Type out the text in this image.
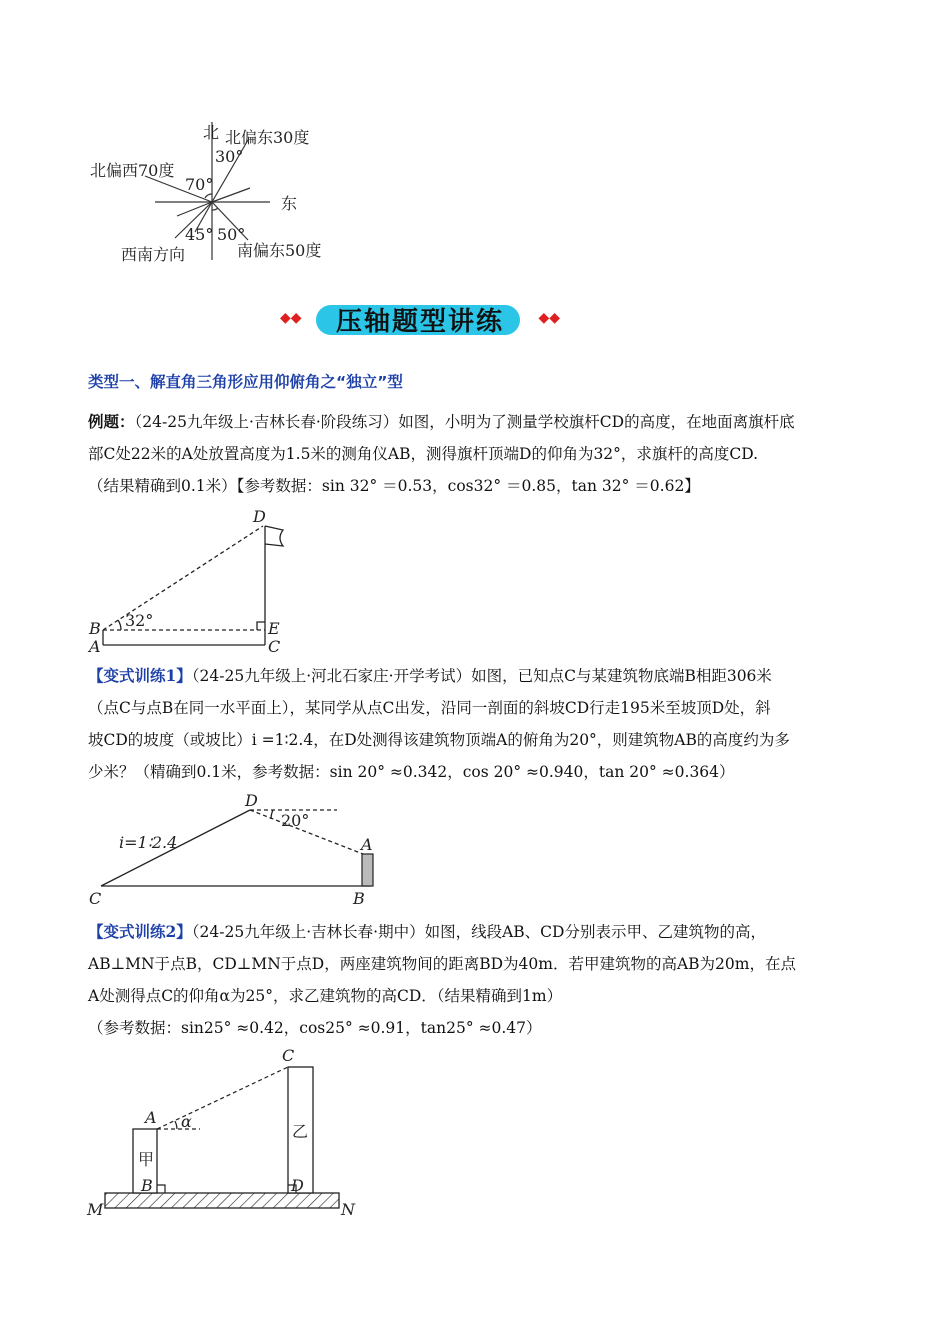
北 北偏东30度
30°
北偏西70度
70°
东
45° 50°
西南方向	南偏东50度
◆◆	◆◆
压轴题型讲练
类型一、解直角三角形应用仰俯角之“独立”型
例题：（24-25九年级上·吉林长春·阶段练习）如图，小明为了测量学校旗杆CD的高度，在地面离旗杆底
部C处22米的A处放置高度为1.5米的测角仪AB，测得旗杆顶端D的仰角为32°，求旗杆的高度CD.
（结果精确到0.1米）【参考数据：sin 32° ＝0.53，cos32° ＝0.85，tan 32° ＝0.62】
D
32°
B
A
E
C
【变式训练1】（24-25九年级上·河北石家庄·开学考试）如图，已知点C与某建筑物底端B相距306米
（点C与点B在同一水平面上），某同学从点C出发，沿同一剖面的斜坡CD行走195米至坡顶D处，斜
坡CD的坡度（或坡比）i =1∶2.4，在D处测得该建筑物顶端A的俯角为20°，则建筑物AB的高度约为多
少米？（精确到0.1米，参考数据：sin 20° ≈0.342，cos 20° ≈0.940，tan 20° ≈0.364）
D
20°
A
i=1∶2.4
C	B
【变式训练2】（24-25九年级上·吉林长春·期中）如图，线段AB、CD分别表示甲、乙建筑物的高，
AB⊥MN于点B，CD⊥MN于点D，两座建筑物间的距离BD为40m．若甲建筑物的高AB为20m，在点
A处测得点C的仰角α为25°，求乙建筑物的高CD．（结果精确到1m）
（参考数据：sin25° ≈0.42，cos25° ≈0.91，tan25° ≈0.47）
C
A α
甲
乙
B	D
M	N
